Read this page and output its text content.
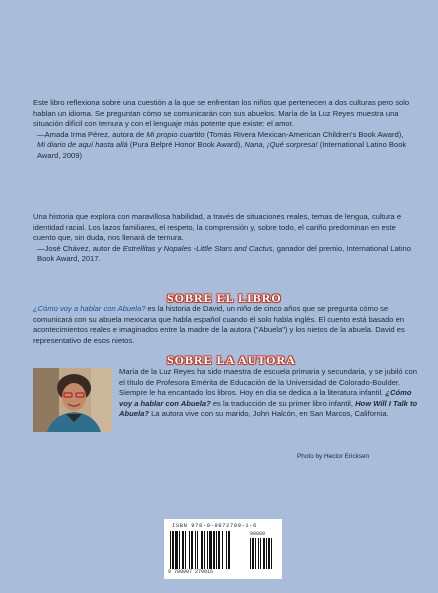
Este libro reflexiona sobre una cuestión a la que se enfrentan los niños que pertenecen a dos culturas pero solo hablan un idioma. Se preguntan cómo se comunicarán con sus abuelos. María de la Luz Reyes muestra una situación difícil con ternura y con el lenguaje más potente que existe: el amor.

—Amada Irma Pérez, autora de Mi propio cuartito (Tomás Rivera Mexican-American Children's Book Award), Mi diario de aquí hasta allá (Pura Belpré Honor Book Award), Nana, ¡Qué sorpresa! (International Latino Book Award, 2009)

Una historia que explora con maravillosa habilidad, a través de situaciones reales, temas de lengua, cultura e identidad racial. Los lazos familiares, el respeto, la comprensión y, sobre todo, el cariño predominan en este cuento que, sin duda, nos llenará de ternura.

—José Chávez, autor de Estrellitas y Nopales -Little Stars and Cactus, ganador del premio, International Latino Book Award, 2017.

SOBRE EL LIBRO

¿Cómo voy a hablar con Abuela? es la historia de David, un niño de cinco años que se pregunta cómo se comunicará con su abuela mexicana que habla español cuando él solo habla inglés. El cuento está basado en acontecimientos reales e imaginados entre la madre de la autora ("Abuela") y los nietos de la abuela. David es representativo de esos nietos.

SOBRE LA AUTORA

María de la Luz Reyes ha sido maestra de escuela primaria y secundaria, y se jubiló con el título de Profesora Emérita de Educación de la Universidad de Colorado-Boulder. Siempre le ha encantado los libros. Hoy en día se dedica a la literatura infantil. ¿Cómo voy a hablar con Abuela? es la traducción de su primer libro infantil, How Will I Talk to Abuela? La autora vive con su marido, John Halcón, en San Marcos, California.

Photo by Hector Ericksen
ISBN 978-0-9972790-1-6
9 780997 279016
90000
